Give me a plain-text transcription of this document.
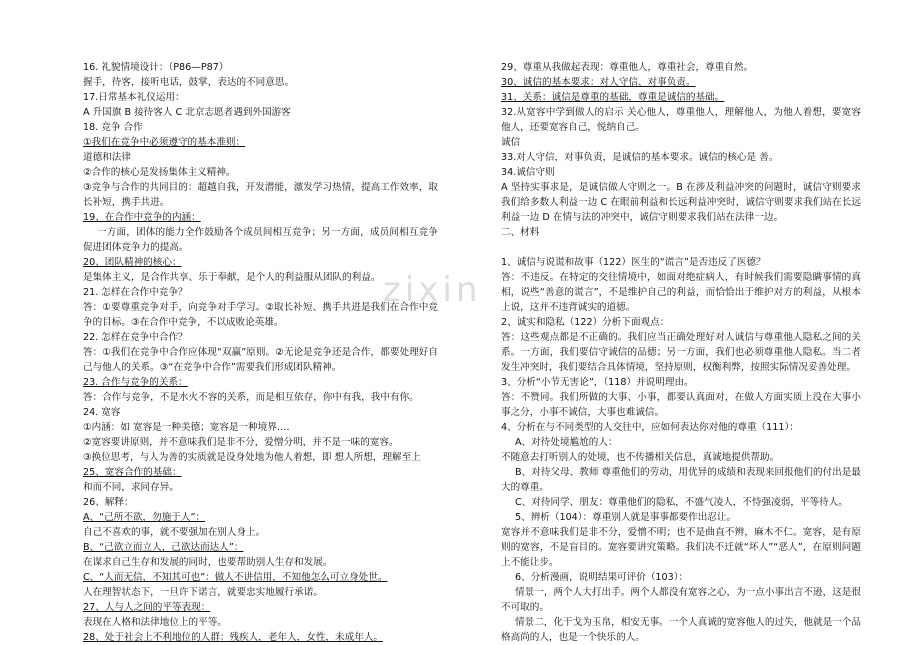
zixin
16. 礼貌情境设计：（P86—P87）
握手，待客，接听电话，鼓掌，表达的不同意思。
17.日常基本礼仪运用：
A 升国旗 B 接待客人 C 北京志愿者遇到外国游客
18. 竞争 合作
①我们在竞争中必须遵守的基本准则：
道德和法律
②合作的核心是发扬集体主义精神。
③竞争与合作的共同目的：超越自我，开发潜能，激发学习热情，提高工作效率，取长补短，携手共进。
19、在合作中竞争的内涵：
一方面，团体的能力全作鼓励各个成员间相互竞争；另一方面，成员间相互竞争促进团体竞争力的提高。
20、团队精神的核心：
是集体主义，是合作共享、乐于奉献，是个人的利益服从团队的利益。
21. 怎样在合作中竞争？
答：①要尊重竞争对手，向竞争对手学习。②取长补短、携手共进是我们在合作中竞争的目标。③在合作中竞争，不以成败论英雄。
22. 怎样在竞争中合作？
答：①我们在竞争中合作应体现“双赢”原则。②无论是竞争还是合作，都要处理好自己与他人的关系。③“在竞争中合作”需要我们形成团队精神。
23. 合作与竞争的关系：
答：合作与竞争，不是水火不容的关系，而是相互依存，你中有我，我中有你。
24. 宽容
①内涵：如 宽容是一种美德；宽容是一种境界….
②宽容要讲原则，并不意味我们是非不分，爱憎分明，并不是一味的宽容。
③换位思考，与人为善的实质就是设身处地为他人着想，即 想人所想，理解至上
25、宽容合作的基础：
和而不同，求同存异。
26、解释：
A、“己所不欲，勿施于人”：
自己不喜欢的事，就不要强加在别人身上。
B、“己欲立而立人，己欲达而达人”：
在谋求自己生存和发展的同时，也要帮助别人生存和发展。
C、“人而无信，不知其可也”：做人不讲信用，不知他怎么可立身处世。
人在理智状态下，一旦许下诺言，就要忠实地履行承诺。
27、人与人之间的平等表现：
表现在人格和法律地位上的平等。
28、处于社会上不利地位的人群：残疾人，老年人，女性，未成年人。
29、尊重从我做起表现：尊重他人，尊重社会，尊重自然。
30、诚信的基本要求：对人守信、对事负责。
31、关系：诚信是尊重的基础，尊重是诚信的基础。
32.从宽容中学到做人的启示 关心他人，尊重他人，理解他人，为他人着想，要宽容他人，还要宽容自己，悦纳自己。
诚信
33.对人守信，对事负责，是诚信的基本要求。诚信的核心是 善。
34.诚信守则
A 坚持实事求是，是诚信做人守则之一。B 在涉及利益冲突的问题时，诚信守则要求我们给多数人利益一边 C 在眼前利益和长远利益冲突时，诚信守则要求我们站在长远利益一边 D 在情与法的冲突中，诚信守则要求我们站在法律一边。
二、材料
1、诚信与说谎和故事（122）医生的“谎言”是否违反了医德？
答：不违反。在特定的交往情境中，如面对绝症病人，有时候我们需要隐瞒事情的真相，说些“善意的谎言”，不是维护自己的利益，而恰恰出于维护对方的利益，从根本上说，这并不违背诚实的道德。
2、诚实和隐私（122）分析下面观点：
答：这些观点都是不正确的。我们应当正确处理好对人诚信与尊重他人隐私之间的关系。一方面，我们要信守诚信的品德；另一方面，我们也必须尊重他人隐私。当二者发生冲突时，我们要结合具体情境，坚持原则，权衡利弊，按照实际情况妥善处理。
3、分析“小节无害论”，（118）并说明理由。
答：不赞同。我们所做的大事、小事，都要认真面对，在做人方面实质上没在大事小事之分，小事不诚信，大事也难诚信。
4、分析在与不同类型的人交往中，应如何表达你对他的尊重（111）：
A、对待处境尴尬的人：
不随意去打听别人的处境，也不传播相关信息，真诚地提供帮助。
B、对待父母、教师 尊重他们的劳动，用优异的成绩和表现来回报他们的付出是最大的尊重。
C、对待同学、朋友：尊重他们的隐私，不盛气凌人，不恃强凌弱，平等待人。
5、辨析（104）：尊重别人就是事事都要作出忍让。
宽容并不意味我们是非不分，爱憎不明；也不是曲直不辨，麻木不仁。宽容，是有原则的宽容，不是盲目的。宽容要讲究策略。我们决不迁就“坏人”“恶人”，在原则问题上不能让步。
6、分析漫画，说明结果可评价（103）：
情景一，两个人大打出手。两个人都没有宽容之心，为一点小事出言不逊，这是很不可取的。
情景二，化干戈为玉帛，相安无事。一个人真诚的宽容他人的过失，他就是一个品格高尚的人，也是一个快乐的人。
